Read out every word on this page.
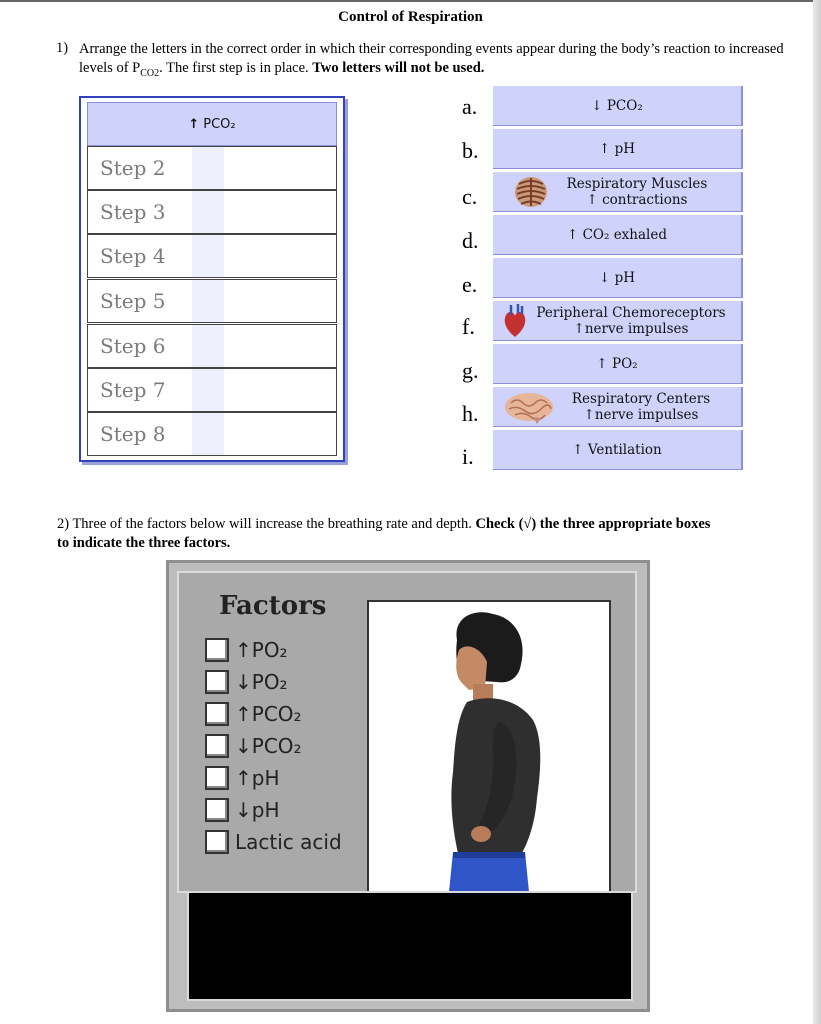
Control of Respiration
1) Arrange the letters in the correct order in which their corresponding events appear during the body’s reaction to increased levels of $P_{CO2}$. The first step is in place. Two letters will not be used.
↑ PCO₂
Step 2
Step 3
Step 4
Step 5
Step 6
Step 7
Step 8
a.
b.
c.
d.
e.
f.
g.
h.
i.
↓ PCO₂
↑ pH
Respiratory Muscles
↑ contractions
↑ CO₂ exhaled
↓ pH
Peripheral Chemoreceptors
↑nerve impulses
↑ PO₂
Respiratory Centers
↑nerve impulses
↑ Ventilation
2) Three of the factors below will increase the breathing rate and depth. Check (√) the three appropriate boxes
to indicate the three factors.
Factors
↑PO₂
↓PO₂
↑PCO₂
↓PCO₂
↑pH
↓pH
Lactic acid
